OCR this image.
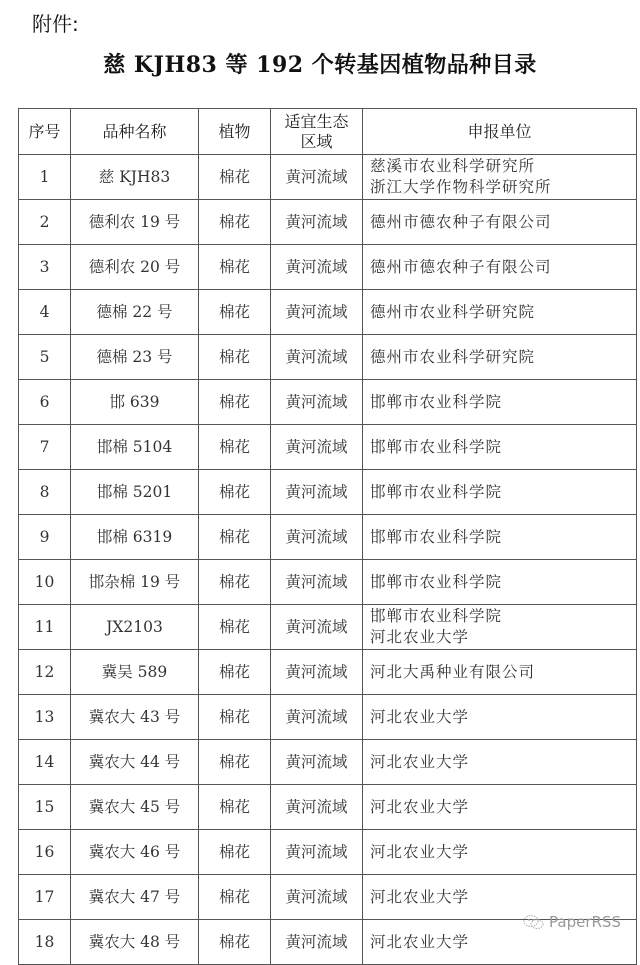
附件:
慈 KJH83 等 192 个转基因植物品种目录
序号	品种名称	植物	适宜生态区域	申报单位
1	慈 KJH83	棉花	黄河流域	慈溪市农业科学研究所
浙江大学作物科学研究所

2	德利农 19 号	棉花	黄河流域	德州市德农种子有限公司

3	德利农 20 号	棉花	黄河流域	德州市德农种子有限公司

4	德棉 22 号	棉花	黄河流域	德州市农业科学研究院

5	德棉 23 号	棉花	黄河流域	德州市农业科学研究院

6	邯 639	棉花	黄河流域	邯郸市农业科学院

7	邯棉 5104	棉花	黄河流域	邯郸市农业科学院

8	邯棉 5201	棉花	黄河流域	邯郸市农业科学院

9	邯棉 6319	棉花	黄河流域	邯郸市农业科学院

10	邯杂棉 19 号	棉花	黄河流域	邯郸市农业科学院

11	JX2103	棉花	黄河流域	邯郸市农业科学院
河北农业大学

12	冀吴 589	棉花	黄河流域	河北大禹种业有限公司

13	冀农大 43 号	棉花	黄河流域	河北农业大学

14	冀农大 44 号	棉花	黄河流域	河北农业大学

15	冀农大 45 号	棉花	黄河流域	河北农业大学

16	冀农大 46 号	棉花	黄河流域	河北农业大学

17	冀农大 47 号	棉花	黄河流域	河北农业大学

18	冀农大 48 号	棉花	黄河流域	河北农业大学
PaperRSS
